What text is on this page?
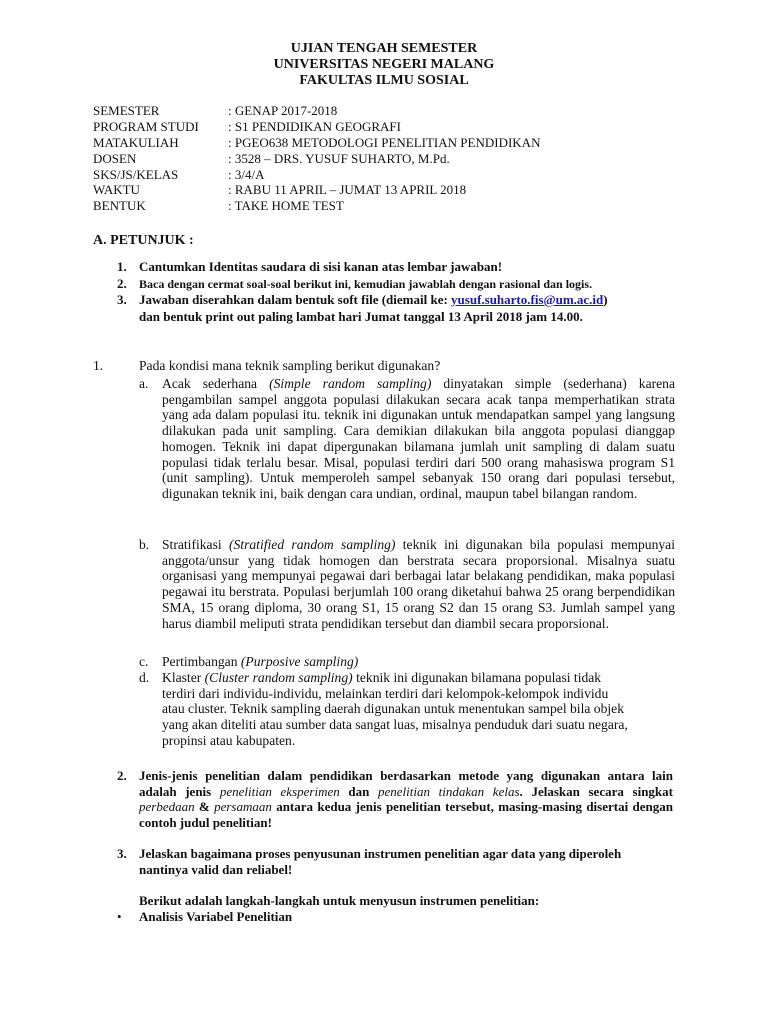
UJIAN TENGAH SEMESTER
UNIVERSITAS NEGERI MALANG
FAKULTAS ILMU SOSIAL
SEMESTER	: GENAP 2017-2018
PROGRAM STUDI : S1 PENDIDIKAN GEOGRAFI
MATAKULIAH	: PGEO638 METODOLOGI PENELITIAN PENDIDIKAN
DOSEN	: 3528 – DRS. YUSUF SUHARTO, M.Pd.
SKS/JS/KELAS	: 3/4/A
WAKTU	: RABU 11 APRIL – JUMAT 13 APRIL 2018
BENTUK	: TAKE HOME TEST
A. PETUNJUK :
1. Cantumkan Identitas saudara di sisi kanan atas lembar jawaban!
2. Baca dengan cermat soal-soal berikut ini, kemudian jawablah dengan rasional dan logis.
3. Jawaban diserahkan dalam bentuk soft file (diemail ke: yusuf.suharto.fis@um.ac.id)
dan bentuk print out paling lambat hari Jumat tanggal 13 April 2018 jam 14.00.
1.	Pada kondisi mana teknik sampling berikut digunakan?
a. Acak sederhana (Simple random sampling) dinyatakan simple (sederhana) karena pengambilan sampel anggota populasi dilakukan secara acak tanpa memperhatikan strata yang ada dalam populasi itu. teknik ini digunakan untuk mendapatkan sampel yang langsung dilakukan pada unit sampling. Cara demikian dilakukan bila anggota populasi dianggap homogen. Teknik ini dapat dipergunakan bilamana jumlah unit sampling di dalam suatu populasi tidak terlalu besar. Misal, populasi terdiri dari 500 orang mahasiswa program S1 (unit sampling). Untuk memperoleh sampel sebanyak 150 orang dari populasi tersebut, digunakan teknik ini, baik dengan cara undian, ordinal, maupun tabel bilangan random.
b. Stratifikasi (Stratified random sampling) teknik ini digunakan bila populasi mempunyai anggota/unsur yang tidak homogen dan berstrata secara proporsional. Misalnya suatu organisasi yang mempunyai pegawai dari berbagai latar belakang pendidikan, maka populasi pegawai itu berstrata. Populasi berjumlah 100 orang diketahui bahwa 25 orang berpendidikan SMA, 15 orang diploma, 30 orang S1, 15 orang S2 dan 15 orang S3. Jumlah sampel yang harus diambil meliputi strata pendidikan tersebut dan diambil secara proporsional.
c. Pertimbangan (Purposive sampling)
d. Klaster (Cluster random sampling) teknik ini digunakan bilamana populasi tidak terdiri dari individu-individu, melainkan terdiri dari kelompok-kelompok individu atau cluster. Teknik sampling daerah digunakan untuk menentukan sampel bila objek yang akan diteliti atau sumber data sangat luas, misalnya penduduk dari suatu negara, propinsi atau kabupaten.
2. Jenis-jenis penelitian dalam pendidikan berdasarkan metode yang digunakan antara lain adalah jenis penelitian eksperimen dan penelitian tindakan kelas. Jelaskan secara singkat perbedaan & persamaan antara kedua jenis penelitian tersebut, masing-masing disertai dengan contoh judul penelitian!
3. Jelaskan bagaimana proses penyusunan instrumen penelitian agar data yang diperoleh nantinya valid dan reliabel!
Berikut adalah langkah-langkah untuk menyusun instrumen penelitian:
• Analisis Variabel Penelitian
